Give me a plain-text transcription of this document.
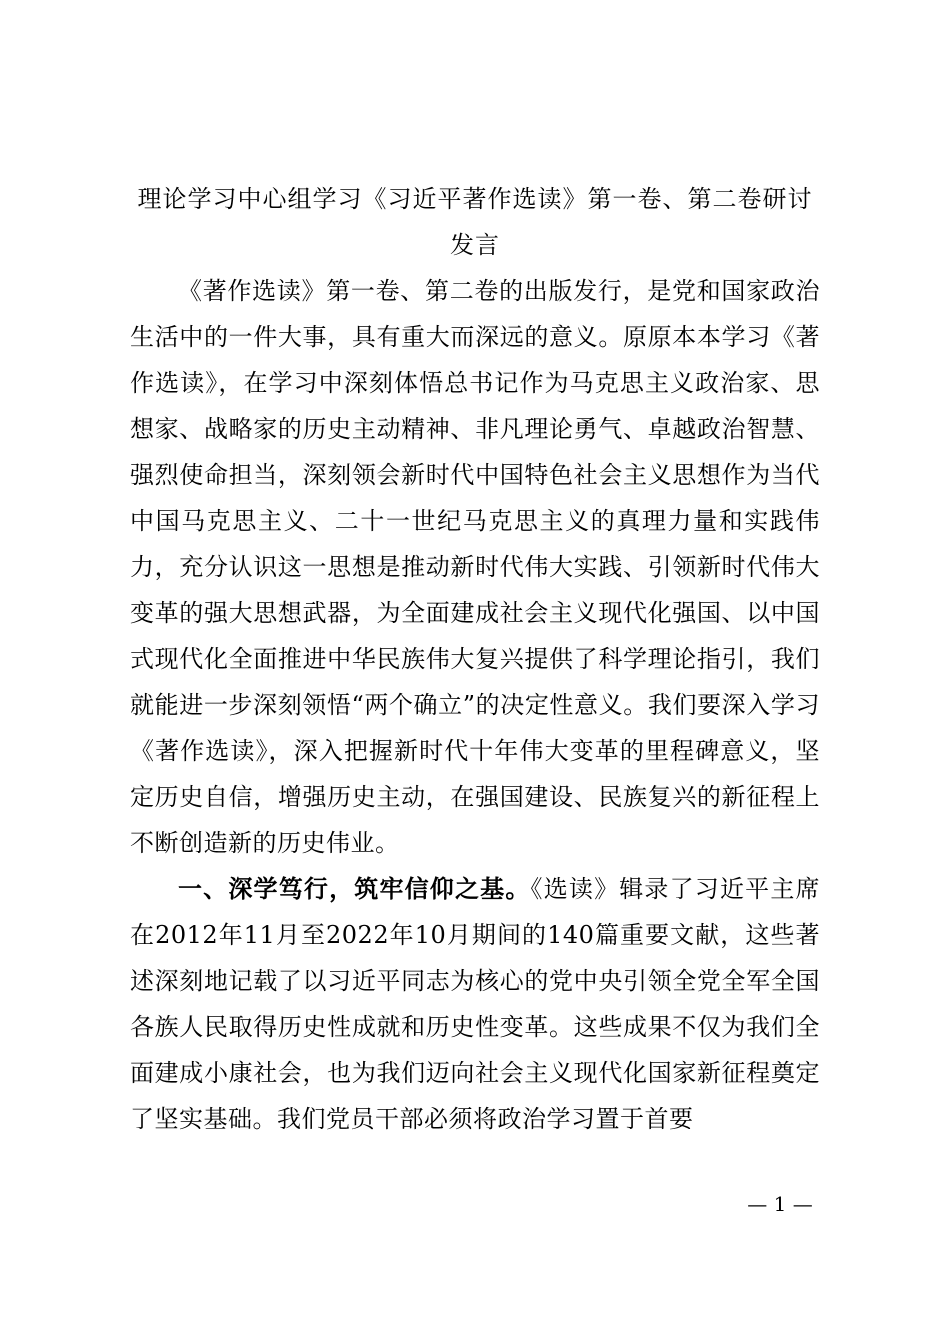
理论学习中心组学习《习近平著作选读》第一卷、第二卷研讨发言

《著作选读》第一卷、第二卷的出版发行，是党和国家政治生活中的一件大事，具有重大而深远的意义。原原本本学习《著作选读》，在学习中深刻体悟总书记作为马克思主义政治家、思想家、战略家的历史主动精神、非凡理论勇气、卓越政治智慧、强烈使命担当，深刻领会新时代中国特色社会主义思想作为当代中国马克思主义、二十一世纪马克思主义的真理力量和实践伟力，充分认识这一思想是推动新时代伟大实践、引领新时代伟大变革的强大思想武器，为全面建成社会主义现代化强国、以中国式现代化全面推进中华民族伟大复兴提供了科学理论指引，我们就能进一步深刻领悟“两个确立”的决定性意义。我们要深入学习《著作选读》，深入把握新时代十年伟大变革的里程碑意义，坚定历史自信，增强历史主动，在强国建设、民族复兴的新征程上不断创造新的历史伟业。

一、深学笃行，筑牢信仰之基。《选读》辑录了习近平主席在2012年11月至2022年10月期间的140篇重要文献，这些著述深刻地记载了以习近平同志为核心的党中央引领全党全军全国各族人民取得历史性成就和历史性变革。这些成果不仅为我们全面建成小康社会，也为我们迈向社会主义现代化国家新征程奠定了坚实基础。我们党员干部必须将政治学习置于首要

— 1 —
